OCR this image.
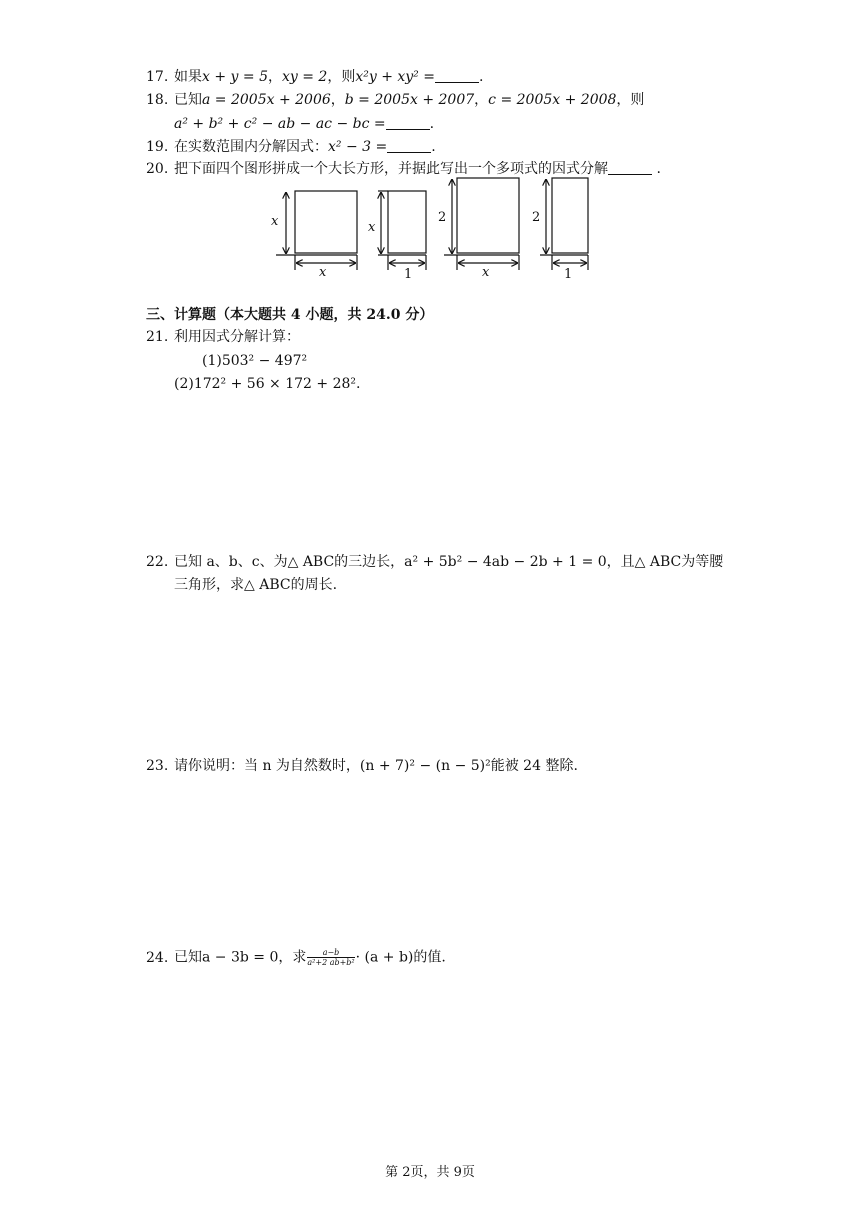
17. 如果x + y = 5，xy = 2，则x²y + xy² =	.
18. 已知a = 2005x + 2006，b = 2005x + 2007，c = 2005x + 2008，则
a² + b² + c² − ab − ac − bc =	.
19. 在实数范围内分解因式：x² − 3 =	.
20. 把下面四个图形拼成一个大长方形，并据此写出一个多项式的因式分解	.
x
x
x
1
2
x
2
1
三、计算题（本大题共 4 小题，共 24.0 分）
21. 利用因式分解计算：
(1)503² − 497²
(2)172² + 56 × 172 + 28².
22. 已知 a、b、c、为△ ABC的三边长，a² + 5b² − 4ab − 2b + 1 = 0，且△ ABC为等腰
三角形，求△ ABC的周长.
23. 请你说明：当 n 为自然数时，(n + 7)² − (n − 5)²能被 24 整除.
24. 已知a − 3b = 0，求 $\frac{a-b}{\text{a²+2 ab+b²}} \cdot (a + b)$的值.
第 2页，共 9页
